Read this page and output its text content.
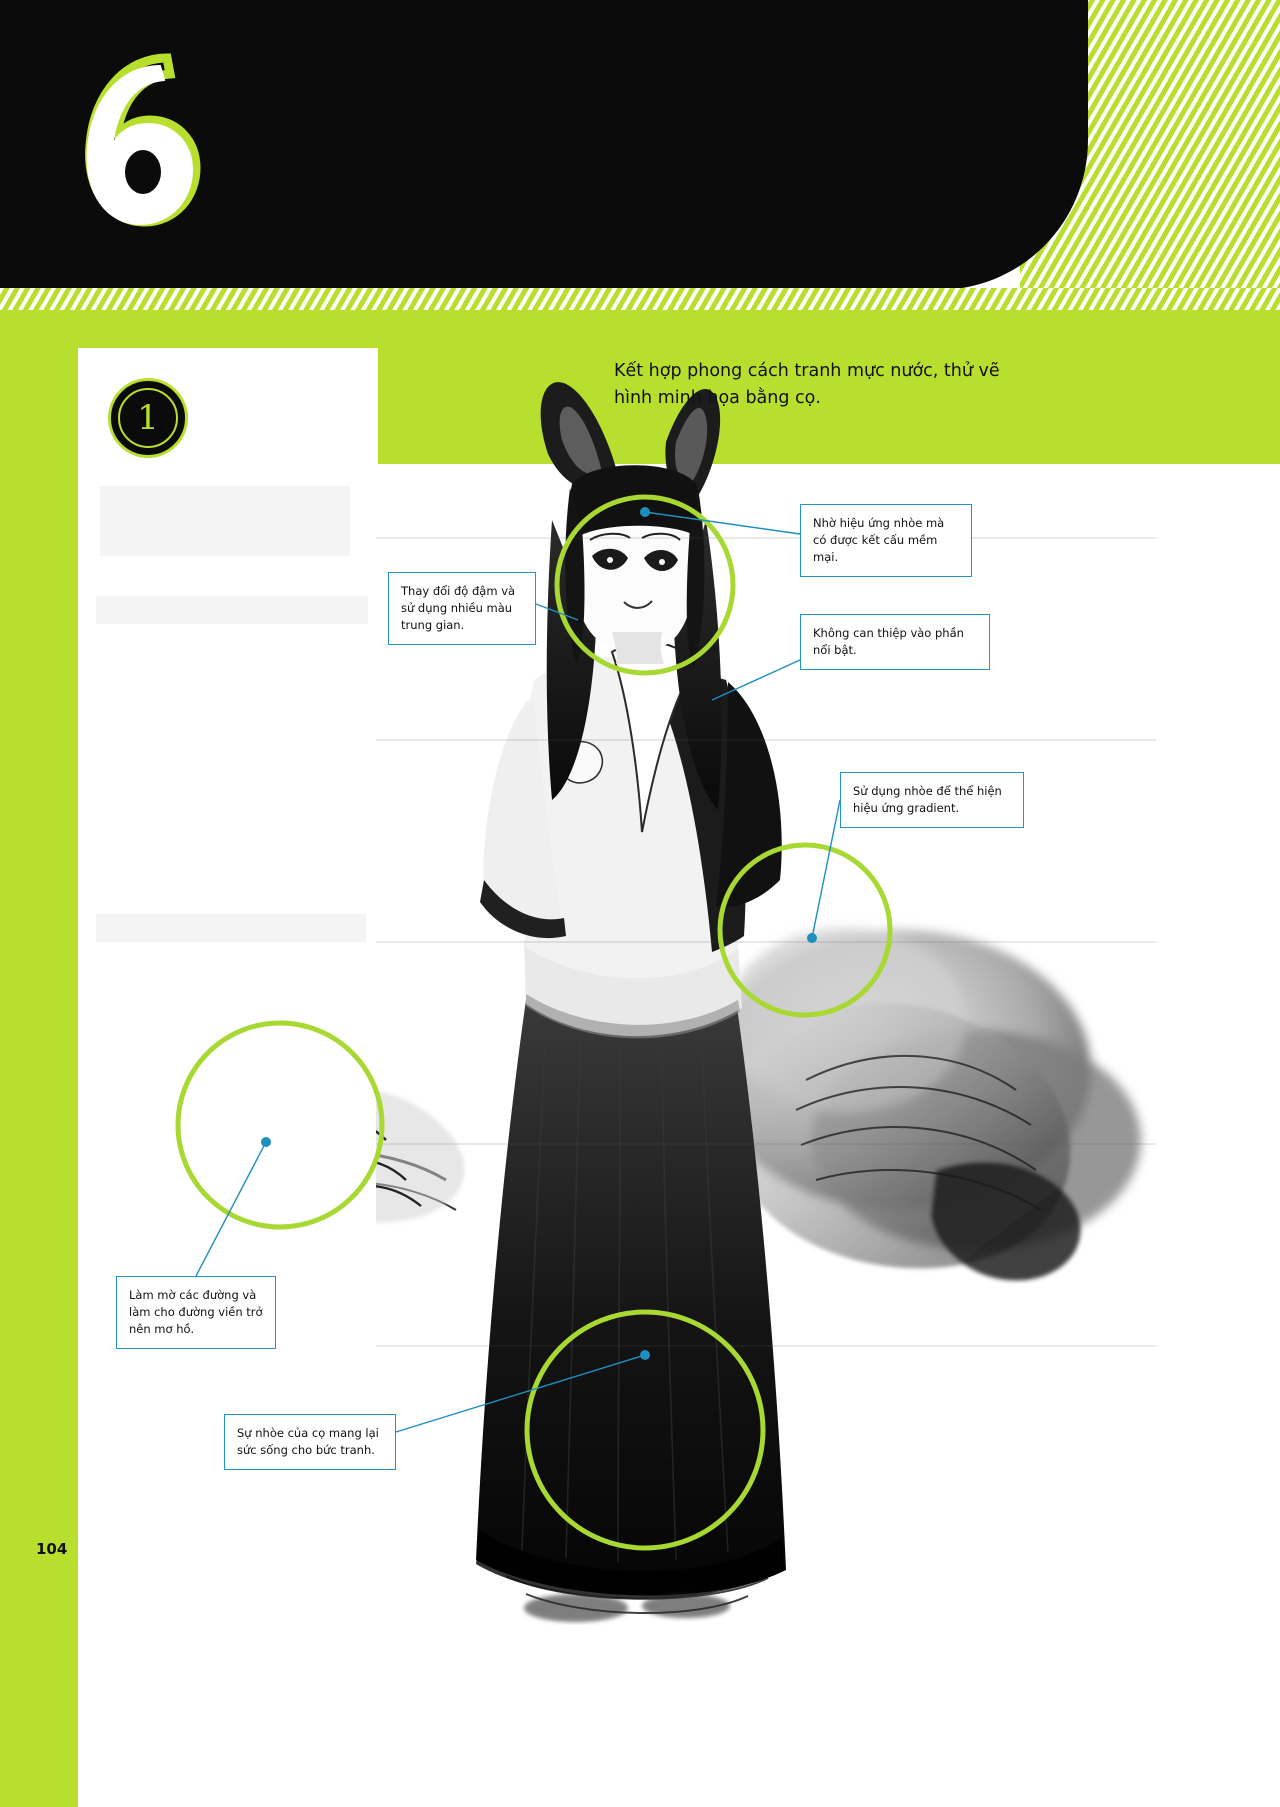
1
Kết hợp phong cách tranh mực nước, thử vẽ hình minh họa bằng cọ.
Nhờ hiệu ứng nhòe mà có được kết cấu mềm mại.
Thay đổi độ đậm và sử dụng nhiều màu trung gian.
Không can thiệp vào phần nổi bật.
Sử dụng nhòe để thể hiện hiệu ứng gradient.
Làm mờ các đường và làm cho đường viền trở nên mơ hồ.
Sự nhòe của cọ mang lại sức sống cho bức tranh.
104
